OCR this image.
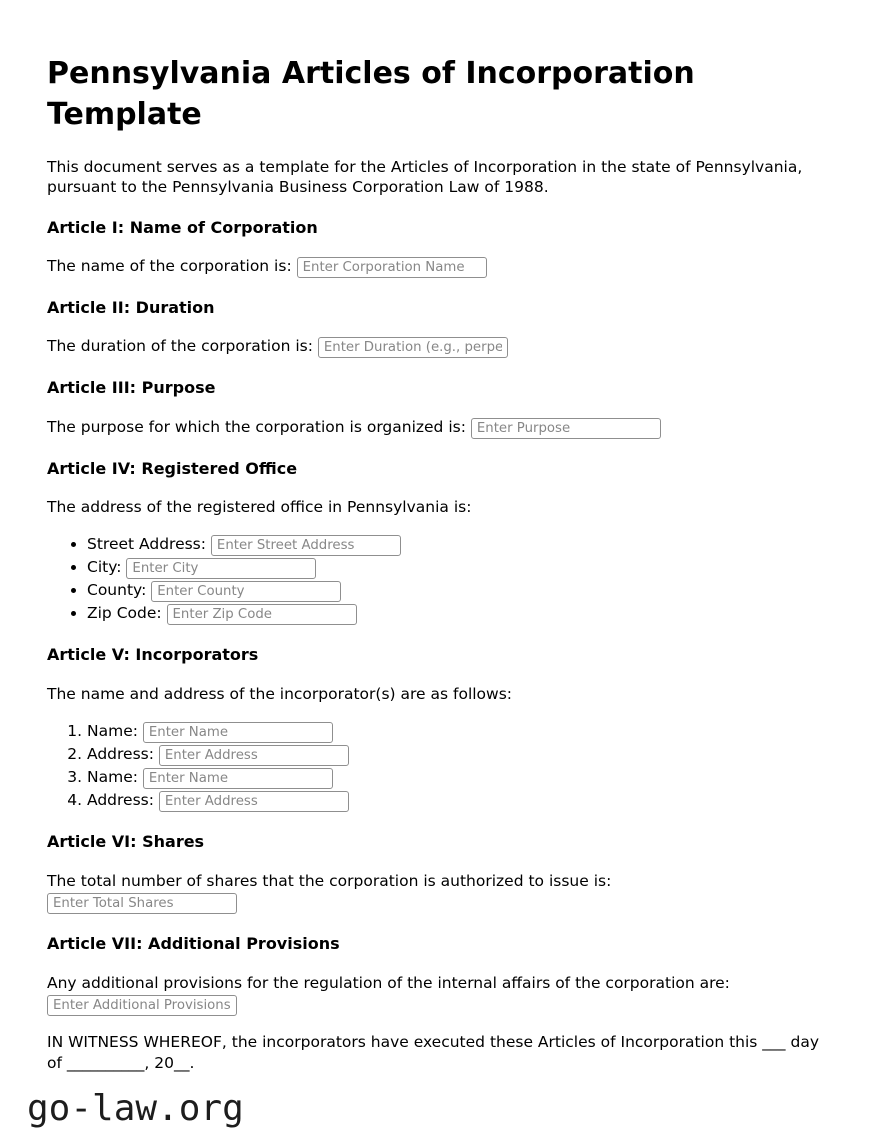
Pennsylvania Articles of Incorporation Template

This document serves as a template for the Articles of Incorporation in the state of Pennsylvania, pursuant to the Pennsylvania Business Corporation Law of 1988.

Article I: Name of Corporation

The name of the corporation is: Enter Corporation Name

Article II: Duration

The duration of the corporation is: Enter Duration (e.g., perpetual)

Article III: Purpose

The purpose for which the corporation is organized is: Enter Purpose

Article IV: Registered Office

The address of the registered office in Pennsylvania is:

• Street Address: Enter Street Address
• City: Enter City
• County: Enter County
• Zip Code: Enter Zip Code
Article V: Incorporators

The name and address of the incorporator(s) are as follows:

1. Name: Enter Name
2. Address: Enter Address
3. Name: Enter Name
4. Address: Enter Address
Article VI: Shares

The total number of shares that the corporation is authorized to issue is:
Enter Total Shares

Article VII: Additional Provisions

Any additional provisions for the regulation of the internal affairs of the corporation are:
Enter Additional Provisions

IN WITNESS WHEREOF, the incorporators have executed these Articles of Incorporation this ___ day of __________, 20__.

go-law.org
